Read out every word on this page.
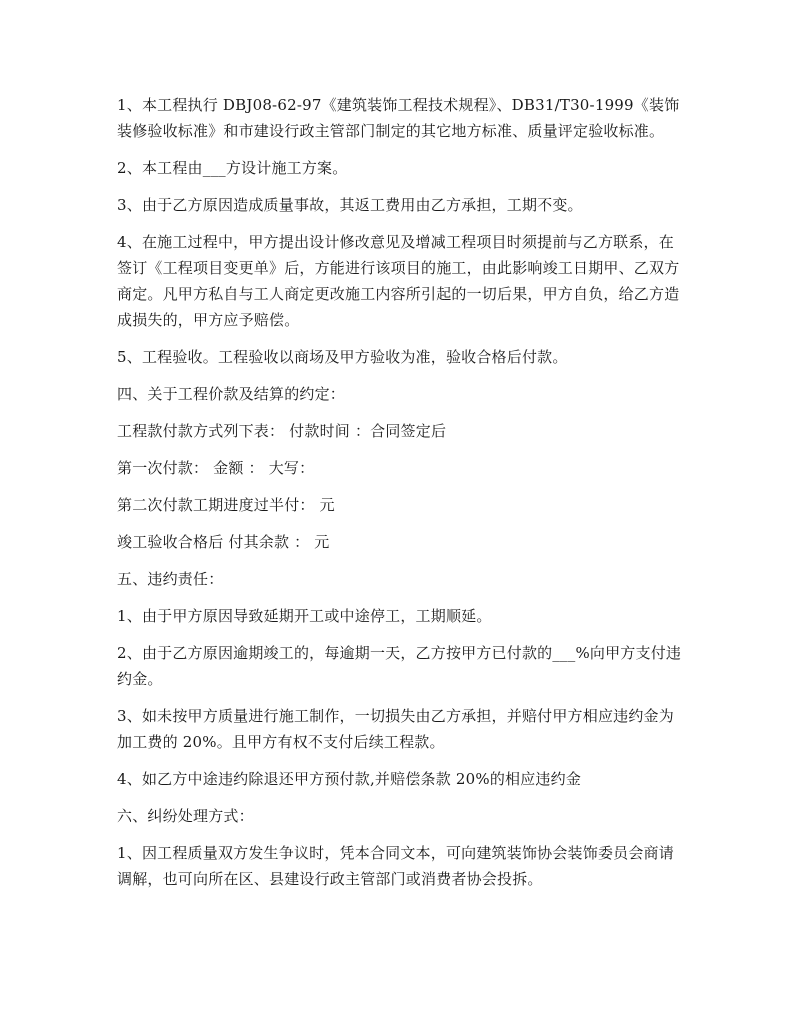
1、本工程执行 DBJ08-62-97《建筑装饰工程技术规程》、DB31/T30-1999《装饰装修验收标准》和市建设行政主管部门制定的其它地方标准、质量评定验收标准。

2、本工程由___方设计施工方案。

3、由于乙方原因造成质量事故，其返工费用由乙方承担，工期不变。

4、在施工过程中，甲方提出设计修改意见及增减工程项目时须提前与乙方联系，在签订《工程项目变更单》后，方能进行该项目的施工，由此影响竣工日期甲、乙双方商定。凡甲方私自与工人商定更改施工内容所引起的一切后果，甲方自负，给乙方造成损失的，甲方应予赔偿。

5、工程验收。工程验收以商场及甲方验收为准，验收合格后付款。

四、关于工程价款及结算的约定：

工程款付款方式列下表： 付款时间 ：合同签定后

第一次付款： 金额 ： 大写：

第二次付款工期进度过半付： 元

竣工验收合格后 付其余款 ： 元

五、违约责任：

1、由于甲方原因导致延期开工或中途停工，工期顺延。

2、由于乙方原因逾期竣工的，每逾期一天，乙方按甲方已付款的___%向甲方支付违约金。

3、如未按甲方质量进行施工制作，一切损失由乙方承担，并赔付甲方相应违约金为加工费的 20%。且甲方有权不支付后续工程款。

4、如乙方中途违约除退还甲方预付款,并赔偿条款 20%的相应违约金

六、纠纷处理方式：

1、因工程质量双方发生争议时，凭本合同文本，可向建筑装饰协会装饰委员会商请调解，也可向所在区、县建设行政主管部门或消费者协会投拆。
